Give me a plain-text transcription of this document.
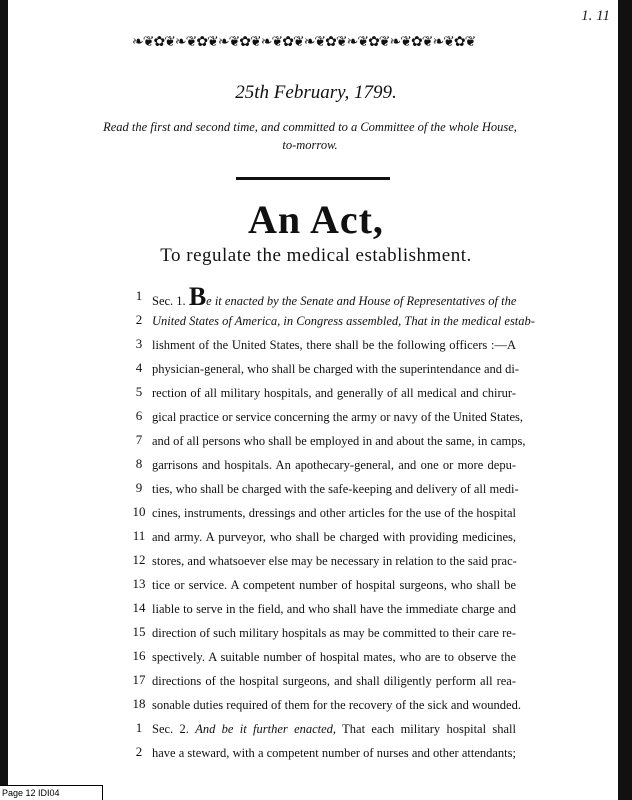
1. 11
❧❦✿❦❧❦✿❦❧❦✿❦❧❦✿❦❧❦✿❦❧❦✿❦❧❦✿❦❧❦✿❦
25th February, 1799.
Read the first and second time, and committed to a Committee of the whole House,
to-morrow.
An Act,
To regulate the medical establishment.
1 Sec. 1. Be it enacted by the Senate and House of Representatives of the
2 United States of America, in Congress assembled, That in the medical estab-
3 lishment of the United States, there shall be the following officers :—A
4 physician-general, who shall be charged with the superintendance and di-
5 rection of all military hospitals, and generally of all medical and chirur-
6 gical practice or service concerning the army or navy of the United States,
7 and of all persons who shall be employed in and about the same, in camps,
8 garrisons and hospitals. An apothecary-general, and one or more depu-
9 ties, who shall be charged with the safe-keeping and delivery of all medi-
10 cines, instruments, dressings and other articles for the use of the hospital
11 and army. A purveyor, who shall be charged with providing medicines,
12 stores, and whatsoever else may be necessary in relation to the said prac-
13 tice or service. A competent number of hospital surgeons, who shall be
14 liable to serve in the field, and who shall have the immediate charge and
15 direction of such military hospitals as may be committed to their care re-
16 spectively. A suitable number of hospital mates, who are to observe the
17 directions of the hospital surgeons, and shall diligently perform all rea-
18 sonable duties required of them for the recovery of the sick and wounded.
1 Sec. 2. And be it further enacted, That each military hospital shall
2 have a steward, with a competent number of nurses and other attendants;
Page 12 IDI04
